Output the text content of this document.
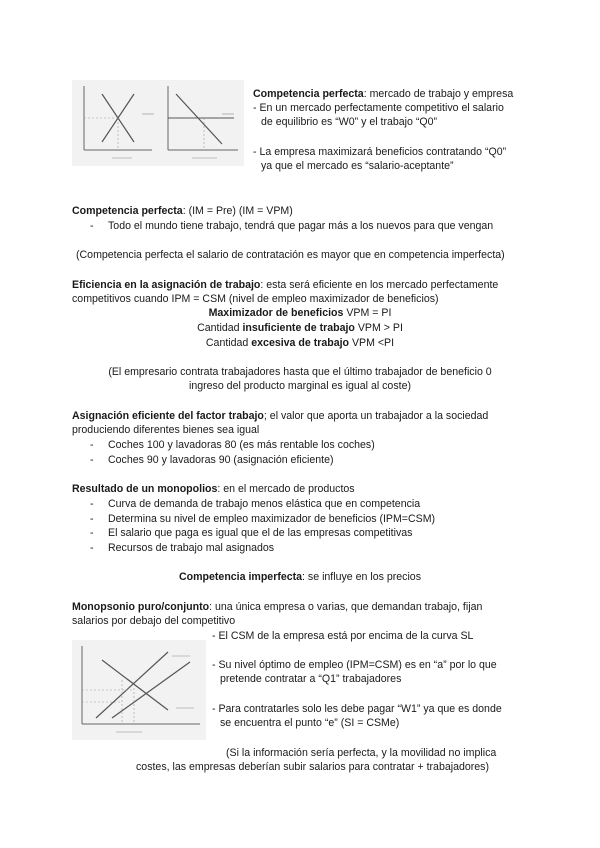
Competencia perfecta: mercado de trabajo y empresa
- En un mercado perfectamente competitivo el salario
de equilibrio es “W0” y el trabajo “Q0”
- La empresa maximizará beneficios contratando “Q0”
ya que el mercado es “salario-aceptante”
Competencia perfecta: (IM = Pre) (IM = VPM)
- Todo el mundo tiene trabajo, tendrá que pagar más a los nuevos para que vengan
(Competencia perfecta el salario de contratación es mayor que en competencia imperfecta)
Eficiencia en la asignación de trabajo: esta será eficiente en los mercado perfectamente
competitivos cuando IPM = CSM (nivel de empleo maximizador de beneficios)
Maximizador de beneficios VPM = PI
Cantidad insuficiente de trabajo VPM > PI
Cantidad excesiva de trabajo VPM <PI
(El empresario contrata trabajadores hasta que el último trabajador de beneficio 0
ingreso del producto marginal es igual al coste)
Asignación eficiente del factor trabajo; el valor que aporta un trabajador a la sociedad
produciendo diferentes bienes sea igual
- Coches 100 y lavadoras 80 (es más rentable los coches)
- Coches 90 y lavadoras 90 (asignación eficiente)
Resultado de un monopolios: en el mercado de productos
- Curva de demanda de trabajo menos elástica que en competencia
- Determina su nivel de empleo maximizador de beneficios (IPM=CSM)
- El salario que paga es igual que el de las empresas competitivas
- Recursos de trabajo mal asignados
Competencia imperfecta: se influye en los precios
Monopsonio puro/conjunto: una única empresa o varias, que demandan trabajo, fijan
salarios por debajo del competitivo
- El CSM de la empresa está por encima de la curva SL
- Su nivel óptimo de empleo (IPM=CSM) es en “a” por lo que
pretende contratar a “Q1” trabajadores
- Para contratarles solo les debe pagar “W1” ya que es donde
se encuentra el punto “e” (SI = CSMe)
(Si la información sería perfecta, y la movilidad no implica
costes, las empresas deberían subir salarios para contratar + trabajadores)
